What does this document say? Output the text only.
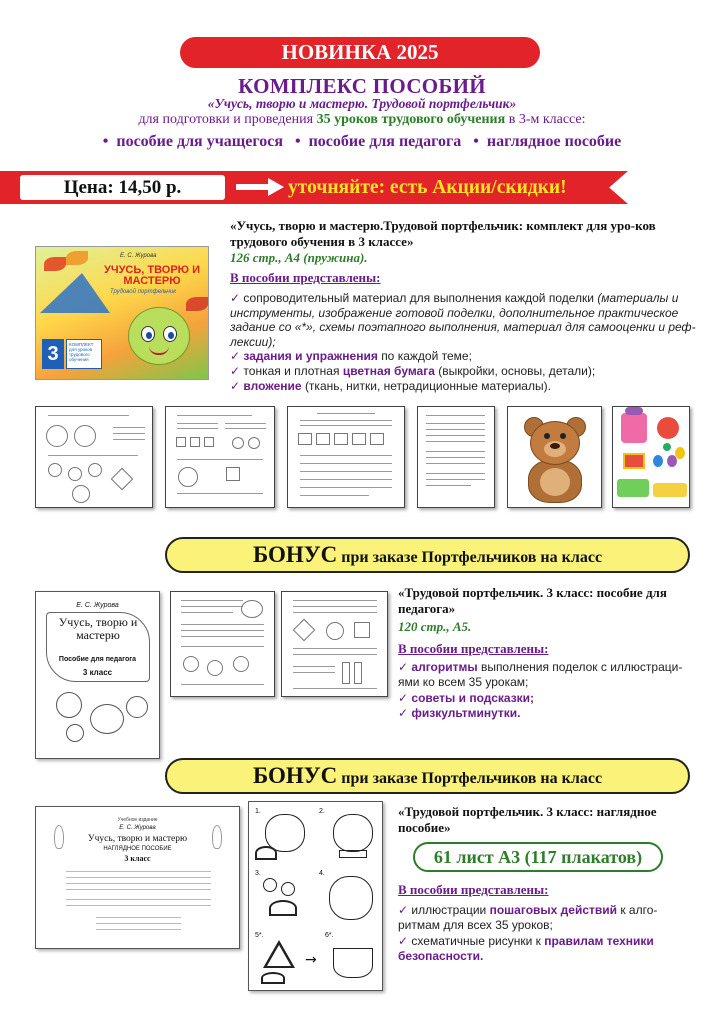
НОВИНКА 2025
КОМПЛЕКС ПОСОБИЙ
«Учусь, творю и мастерю. Трудовой портфельчик»
для подготовки и проведения 35 уроков трудового обучения в 3-м классе:
• пособие для учащегося • пособие для педагога • наглядное пособие
Цена: 14,50 р.	уточняйте: есть Акции/скидки!
Е. С. Журова
УЧУСЬ, ТВОРЮ И МАСТЕРЮ
Трудовой портфельчик
3	КОМПЛЕКТ для уроков трудового обучения
«Учусь, творю и мастерю.Трудовой портфельчик: комплект для уро-ков трудового обучения в 3 классе»
126 стр., А4 (пружина).
В пособии представлены:

✓ сопроводительный материал для выполнения каждой поделки (материалы и инструменты, изображение готовой поделки, дополнительное практическое задание со «*», схемы поэтапного выполнения, материал для самооценки и реф-лексии);

✓ задания и упражнения по каждой теме;

✓ тонкая и плотная цветная бумага (выкройки, основы, детали);

✓ вложение (ткань, нитки, нетрадиционные материалы).

БОНУС при заказе Портфельчиков на класс
Е. С. Журова
Учусь, творю и мастерю
Пособие для педагога
3 класс
«Трудовой портфельчик. 3 класс: пособие для педагога»
120 стр., А5.
В пособии представлены:

✓ алгоритмы выполнения поделок с иллюстраци-ями ко всем 35 урокам;

✓ советы и подсказки;

✓ физкультминутки.

БОНУС при заказе Портфельчиков на класс
Учебное издание
Е. С. Журова
Учусь, творю и мастерю
НАГЛЯДНОЕ ПОСОБИЕ
3 класс
1.	2.
3.	4.
5*.
→
6*.
«Трудовой портфельчик. 3 класс: наглядное пособие»
61 лист А3 (117 плакатов)
В пособии представлены:

✓ иллюстрации пошаговых действий к алго-ритмам для всех 35 уроков;

✓ схематичные рисунки к правилам техники безопасности.
